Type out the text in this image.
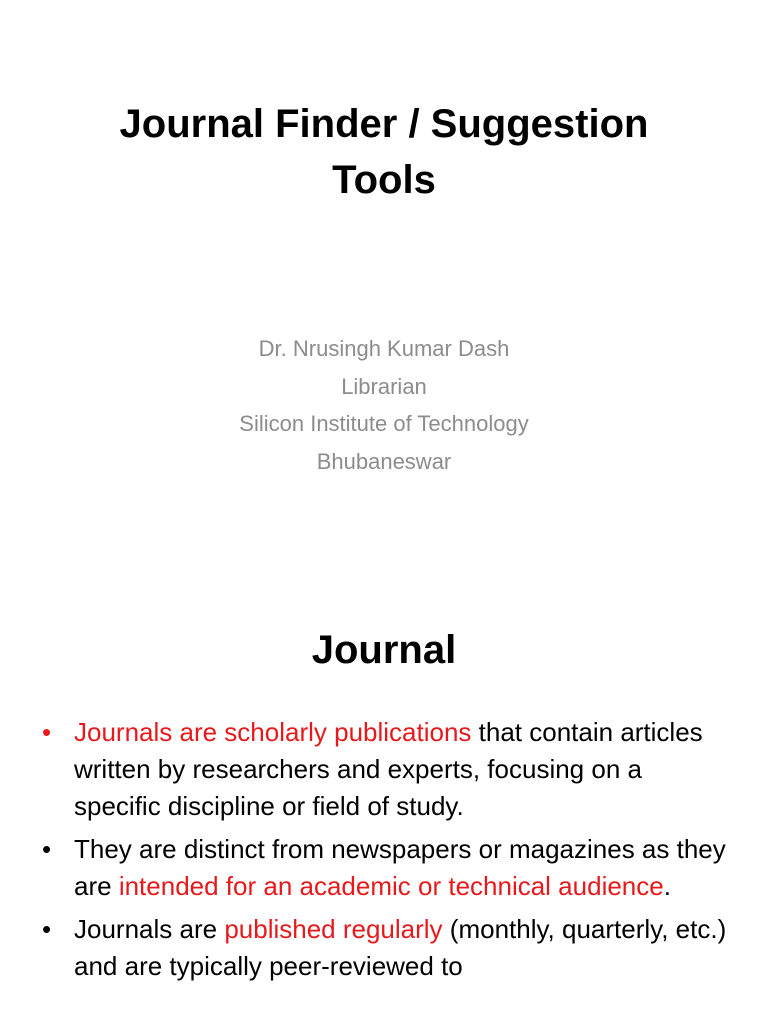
Journal Finder / Suggestion
Tools
Dr. Nrusingh Kumar Dash
Librarian
Silicon Institute of Technology
Bhubaneswar
Journal
• Journals are scholarly publications that contain articles written by researchers and experts, focusing on a specific discipline or field of study.
• They are distinct from newspapers or magazines as they are intended for an academic or technical audience.
• Journals are published regularly (monthly, quarterly, etc.) and are typically peer-reviewed to
